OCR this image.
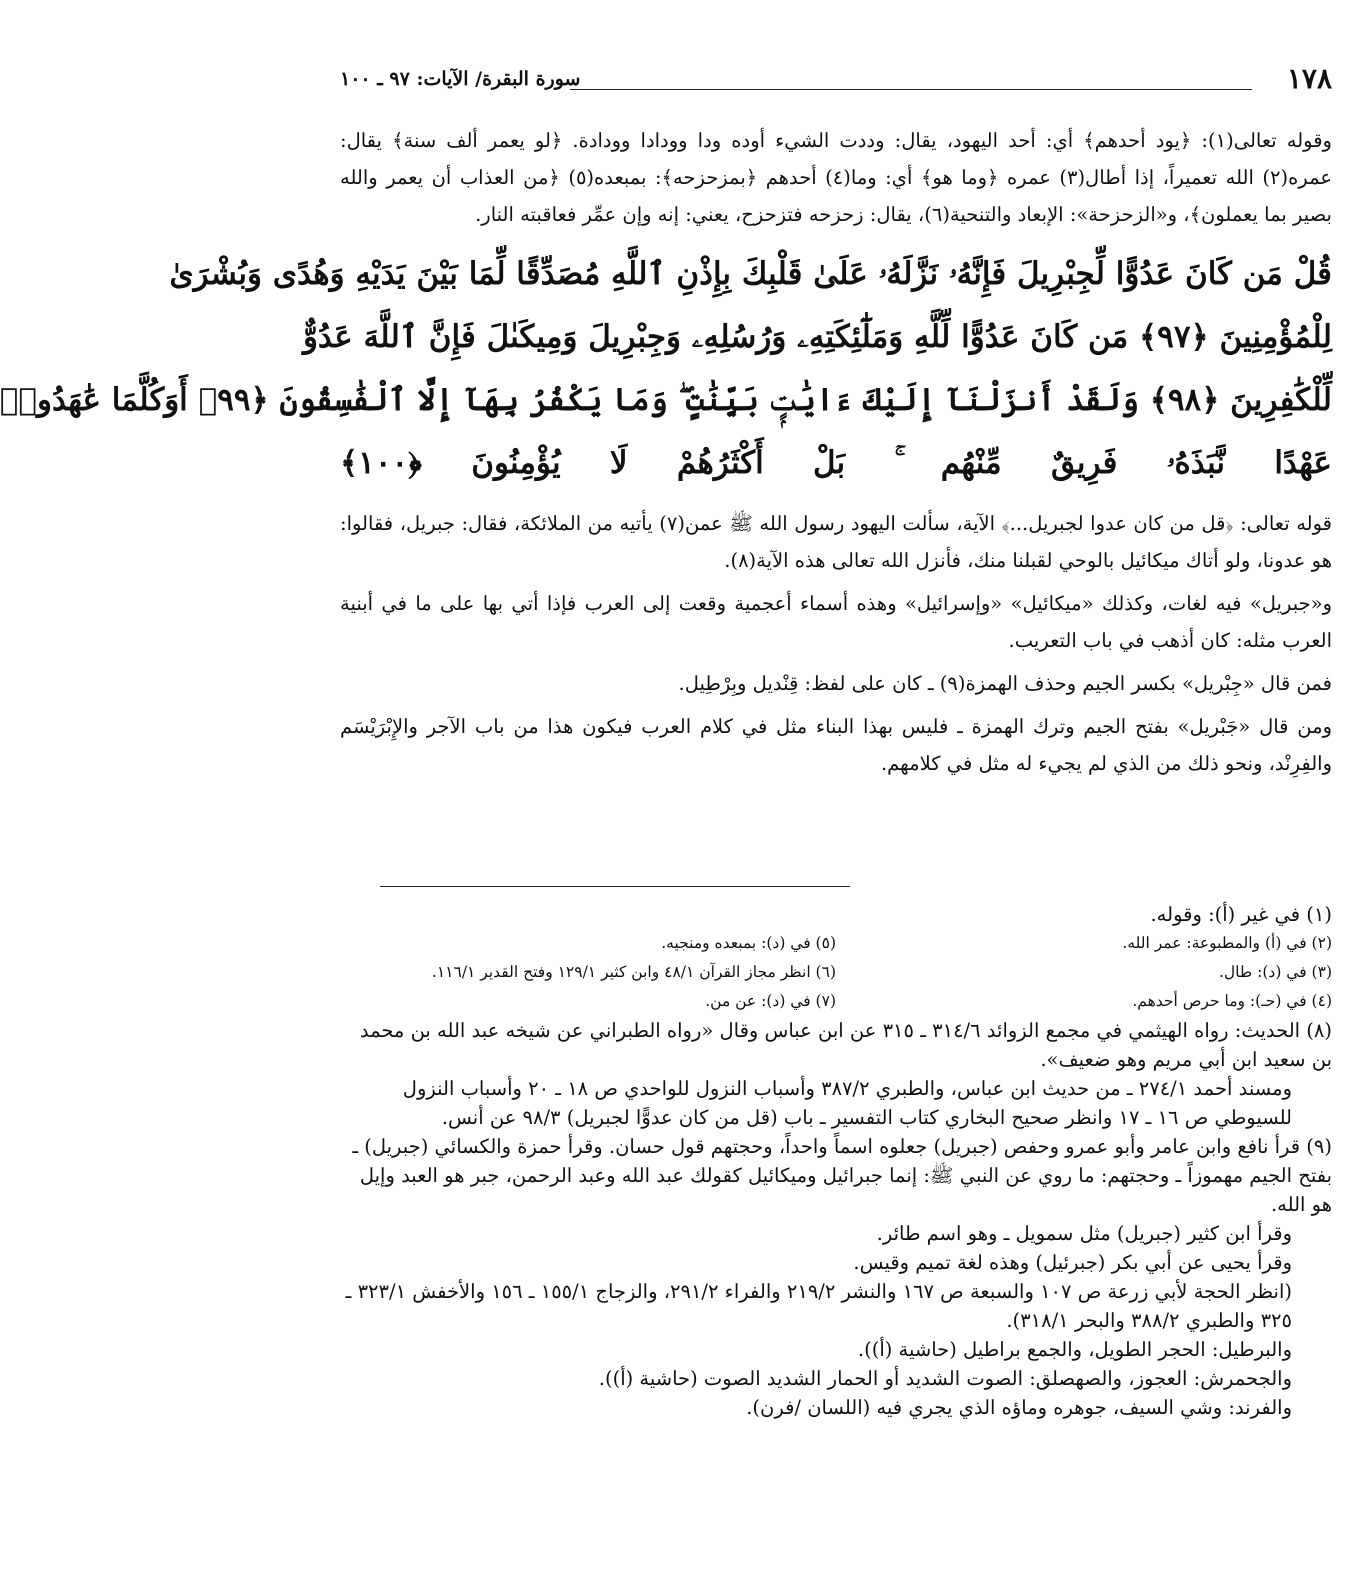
١٧٨
سورة البقرة/ الآيات: ٩٧ ـ ١٠٠

وقوله تعالى(١): ﴿يود أحدهم﴾ أي: أحد اليهود، يقال: وددت الشيء أوده ودا وودادا وودادة. ﴿لو يعمر ألف سنة﴾ يقال: عمره(٢) الله تعميراً، إذا أطال(٣) عمره ﴿وما هو﴾ أي: وما(٤) أحدهم ﴿بمزحزحه﴾: بمبعده(٥) ﴿من العذاب أن يعمر والله بصير بما يعملون﴾، و«الزحزحة»: الإبعاد والتنحية(٦)، يقال: زحزحه فتزحزح، يعني: إنه وإن عمِّر فعاقبته النار.

قُلْ مَن كَانَ عَدُوًّا لِّجِبْرِيلَ فَإِنَّهُۥ نَزَّلَهُۥ عَلَىٰ قَلْبِكَ بِإِذْنِ ٱللَّهِ مُصَدِّقًا لِّمَا بَيْنَ يَدَيْهِ وَهُدًى وَبُشْرَىٰ
لِلْمُؤْمِنِينَ ﴿٩٧﴾ مَن كَانَ عَدُوًّا لِّلَّهِ وَمَلَٰٓئِكَتِهِۦ وَرُسُلِهِۦ وَجِبْرِيلَ وَمِيكَىٰلَ فَإِنَّ ٱللَّهَ عَدُوٌّ
لِّلْكَٰفِرِينَ ﴿٩٨﴾ وَلَقَدْ أَنزَلْنَآ إِلَيْكَ ءَايَٰتٍۭ بَيِّنَٰتٍ ۖ وَمَا يَكْفُرُ بِهَآ إِلَّا ٱلْفَٰسِقُونَ ﴿٩٩﴾ أَوَكُلَّمَا عَٰهَدُوا۟
عَهْدًا نَّبَذَهُۥ فَرِيقٌ مِّنْهُم ۚ بَلْ أَكْثَرُهُمْ لَا يُؤْمِنُونَ ﴿١٠٠﴾

قوله تعالى: ﴿قل من كان عدوا لجبريل...﴾ الآية، سألت اليهود رسول الله ﷺ عمن(٧) يأتيه من الملائكة، فقال: جبريل، فقالوا: هو عدونا، ولو أتاك ميكائيل بالوحي لقبلنا منك، فأنزل الله تعالى هذه الآية(٨).

و«جبريل» فيه لغات، وكذلك «ميكائيل» «وإسرائيل» وهذه أسماء أعجمية وقعت إلى العرب فإذا أتي بها على ما في أبنية العرب مثله: كان أذهب في باب التعريب.

فمن قال «جِبْريل» بكسر الجيم وحذف الهمزة(٩) ـ كان على لفظ: قِنْديل وبِرْطِيل.

ومن قال «جَبْريل» بفتح الجيم وترك الهمزة ـ فليس بهذا البناء مثل في كلام العرب فيكون هذا من باب الآجر والإِبْرَيْسَم والفِرِنْد، ونحو ذلك من الذي لم يجيء له مثل في كلامهم.

(١) في غير (أ): وقوله.

(٢) في (أ) والمطبوعة: عمر الله.
(٥) في (د): بمبعده ومنجيه.
(٣) في (د): طال.
(٦) انظر مجاز القرآن ٤٨/١ وابن كثير ١٢٩/١ وفتح القدير ١١٦/١.
(٤) في (حـ): وما حرص أحدهم.
(٧) في (د): عن من.

(٨) الحديث: رواه الهيثمي في مجمع الزوائد ٣١٤/٦ ـ ٣١٥ عن ابن عباس وقال «رواه الطبراني عن شيخه عبد الله بن محمد بن سعيد ابن أبي مريم وهو ضعيف».

ومسند أحمد ٢٧٤/١ ـ من حديث ابن عباس، والطبري ٣٨٧/٢ وأسباب النزول للواحدي ص ١٨ ـ ٢٠ وأسباب النزول للسيوطي ص ١٦ ـ ١٧ وانظر صحيح البخاري كتاب التفسير ـ باب (قل من كان عدوًّا لجبريل) ٩٨/٣ عن أنس.

(٩) قرأ نافع وابن عامر وأبو عمرو وحفص (جبريل) جعلوه اسماً واحداً، وحجتهم قول حسان. وقرأ حمزة والكسائي (جبريل) ـ بفتح الجيم مهموزاً ـ وحجتهم: ما روي عن النبي ﷺ: إنما جبرائيل وميكائيل كقولك عبد الله وعبد الرحمن، جبر هو العبد وإيل هو الله.

وقرأ ابن كثير (جبريل) مثل سمويل ـ وهو اسم طائر.

وقرأ يحيى عن أبي بكر (جبرئيل) وهذه لغة تميم وقيس.

(انظر الحجة لأبي زرعة ص ١٠٧ والسبعة ص ١٦٧ والنشر ٢١٩/٢ والفراء ٢٩١/٢، والزجاج ١٥٥/١ ـ ١٥٦ والأخفش ٣٢٣/١ ـ ٣٢٥ والطبري ٣٨٨/٢ والبحر ٣١٨/١).

والبرطيل: الحجر الطويل، والجمع براطيل (حاشية (أ)).

والجحمرش: العجوز، والصهصلق: الصوت الشديد أو الحمار الشديد الصوت (حاشية (أ)).

والفرند: وشي السيف، جوهره وماؤه الذي يجري فيه (اللسان /فرن).
